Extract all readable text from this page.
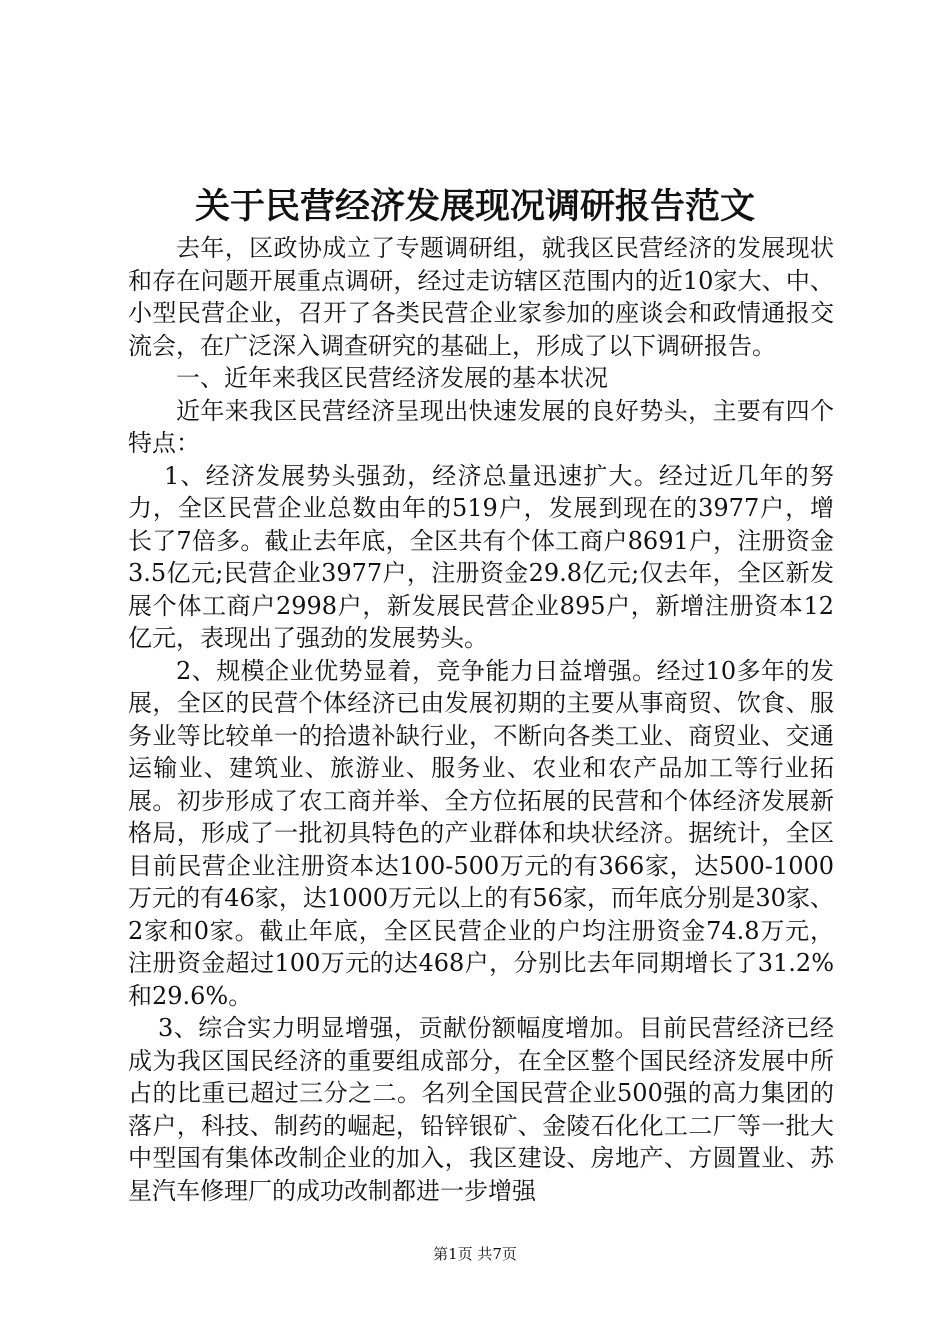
关于民营经济发展现况调研报告范文

去年，区政协成立了专题调研组，就我区民营经济的发展现状和存在问题开展重点调研，经过走访辖区范围内的近10家大、中、小型民营企业，召开了各类民营企业家参加的座谈会和政情通报交流会，在广泛深入调查研究的基础上，形成了以下调研报告。

一、近年来我区民营经济发展的基本状况

近年来我区民营经济呈现出快速发展的良好势头，主要有四个特点：

1、经济发展势头强劲，经济总量迅速扩大。经过近几年的努力，全区民营企业总数由年的519户，发展到现在的3977户，增长了7倍多。截止去年底，全区共有个体工商户8691户，注册资金3.5亿元;民营企业3977户，注册资金29.8亿元;仅去年，全区新发展个体工商户2998户，新发展民营企业895户，新增注册资本12亿元，表现出了强劲的发展势头。

2、规模企业优势显着，竞争能力日益增强。经过10多年的发展，全区的民营个体经济已由发展初期的主要从事商贸、饮食、服务业等比较单一的拾遗补缺行业，不断向各类工业、商贸业、交通运输业、建筑业、旅游业、服务业、农业和农产品加工等行业拓展。初步形成了农工商并举、全方位拓展的民营和个体经济发展新格局，形成了一批初具特色的产业群体和块状经济。据统计，全区目前民营企业注册资本达100-500万元的有366家，达500-1000万元的有46家，达1000万元以上的有56家，而年底分别是30家、2家和0家。截止年底，全区民营企业的户均注册资金74.8万元，注册资金超过100万元的达468户，分别比去年同期增长了31.2%和29.6%。

3、综合实力明显增强，贡献份额幅度增加。目前民营经济已经成为我区国民经济的重要组成部分，在全区整个国民经济发展中所占的比重已超过三分之二。名列全国民营企业500强的高力集团的落户，科技、制药的崛起，铅锌银矿、金陵石化化工二厂等一批大中型国有集体改制企业的加入，我区建设、房地产、方圆置业、苏星汽车修理厂的成功改制都进一步增强

第1页 共7页
